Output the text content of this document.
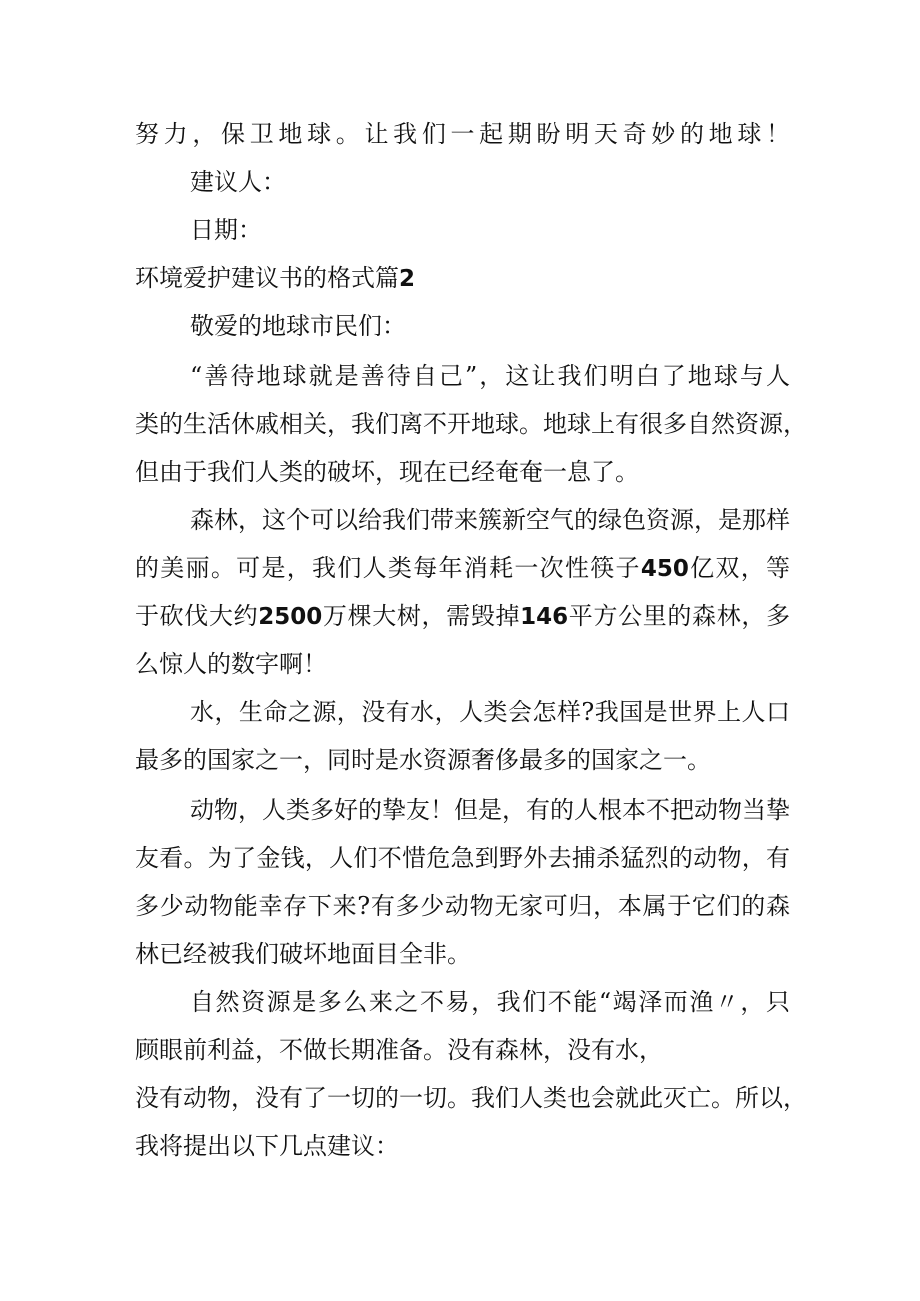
努力，保卫地球。让我们一起期盼明天奇妙的地球！
建议人：
日期：
环境爱护建议书的格式篇2
敬爱的地球市民们：
“善待地球就是善待自己”，这让我们明白了地球与人
类的生活休戚相关，我们离不开地球。地球上有很多自然资源，
但由于我们人类的破坏，现在已经奄奄一息了。
森林，这个可以给我们带来簇新空气的绿色资源，是那样
的美丽。可是，我们人类每年消耗一次性筷子450亿双，等
于砍伐大约2500万棵大树，需毁掉146平方公里的森林，多
么惊人的数字啊！
水，生命之源，没有水，人类会怎样?我国是世界上人口
最多的国家之一，同时是水资源奢侈最多的国家之一。
动物，人类多好的挚友！但是，有的人根本不把动物当挚
友看。为了金钱，人们不惜危急到野外去捕杀猛烈的动物，有
多少动物能幸存下来?有多少动物无家可归，本属于它们的森
林已经被我们破坏地面目全非。
自然资源是多么来之不易，我们不能“竭泽而渔〃，只
顾眼前利益，不做长期准备。没有森林，没有水，
没有动物，没有了一切的一切。我们人类也会就此灭亡。所以，
我将提出以下几点建议：
